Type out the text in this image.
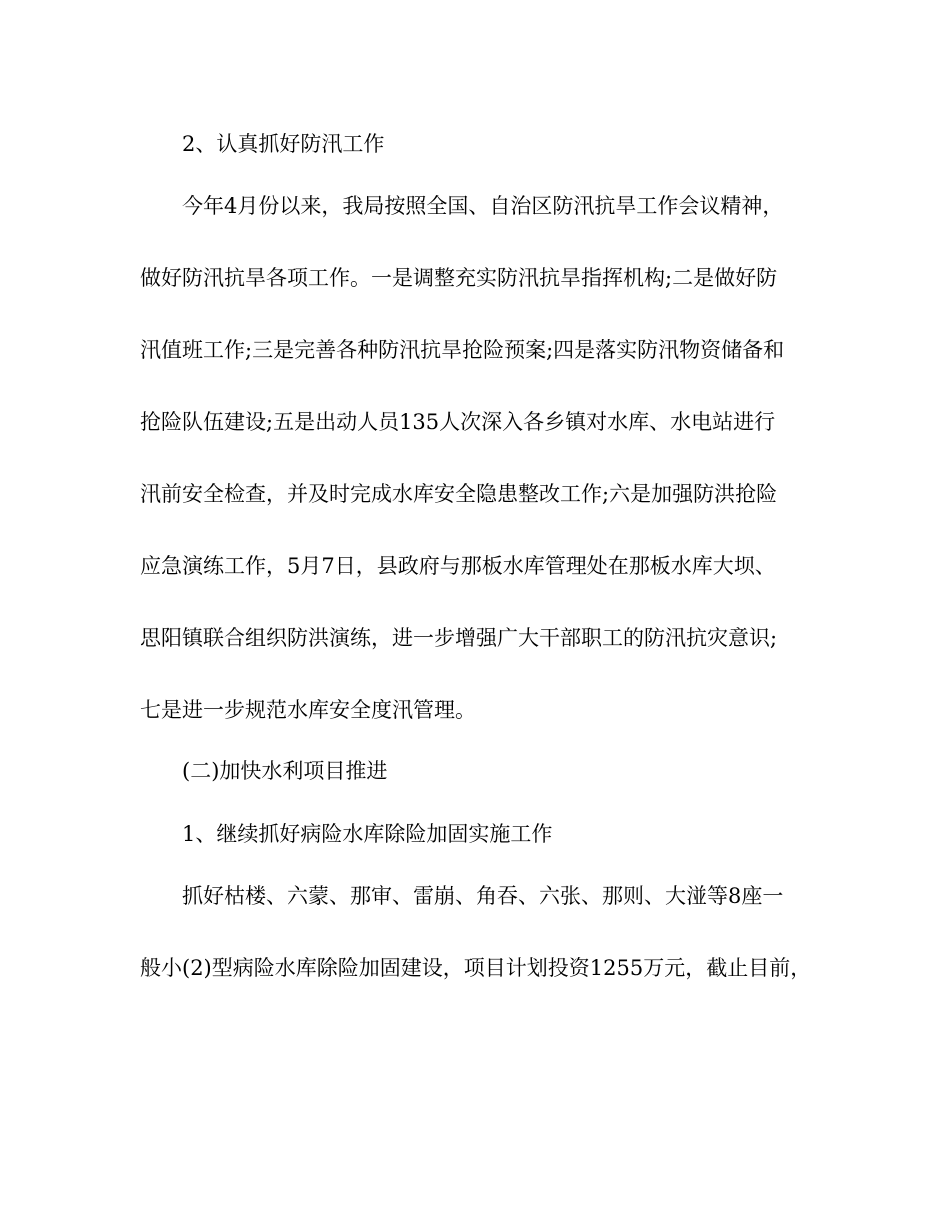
2、认真抓好防汛工作
今年4月份以来，我局按照全国、自治区防汛抗旱工作会议精神，
做好防汛抗旱各项工作。一是调整充实防汛抗旱指挥机构;二是做好防
汛值班工作;三是完善各种防汛抗旱抢险预案;四是落实防汛物资储备和
抢险队伍建设;五是出动人员135人次深入各乡镇对水库、水电站进行
汛前安全检查，并及时完成水库安全隐患整改工作;六是加强防洪抢险
应急演练工作，5月7日，县政府与那板水库管理处在那板水库大坝、
思阳镇联合组织防洪演练，进一步增强广大干部职工的防汛抗灾意识;
七是进一步规范水库安全度汛管理。
(二)加快水利项目推进
1、继续抓好病险水库除险加固实施工作
抓好枯楼、六蒙、那审、雷崩、角吞、六张、那则、大湴等8座一
般小(2)型病险水库除险加固建设，项目计划投资1255万元，截止目前，
